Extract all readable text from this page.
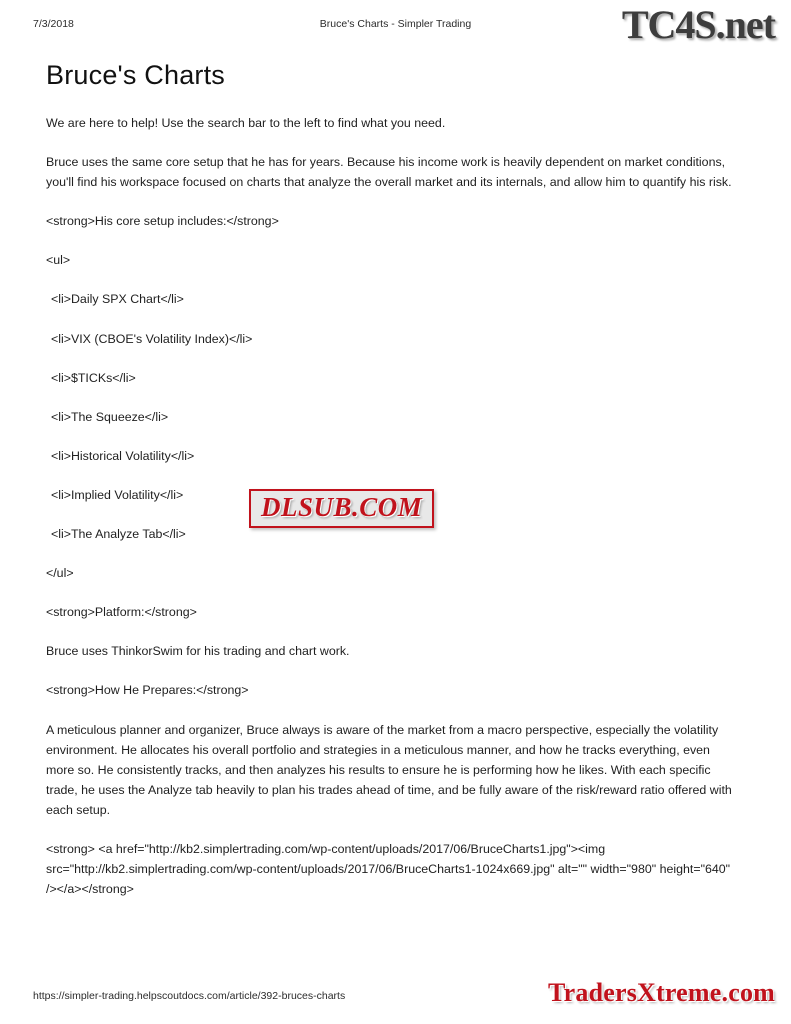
7/3/2018	Bruce's Charts - Simpler Trading	TC4S.net
Bruce's Charts

We are here to help! Use the search bar to the left to find what you need.

Bruce uses the same core setup that he has for years. Because his income work is heavily dependent on market conditions, you'll find his workspace focused on charts that analyze the overall market and its internals, and allow him to quantify his risk.

<strong>His core setup includes:</strong>

<ul>

<li>Daily SPX Chart</li>

<li>VIX (CBOE's Volatility Index)</li>

<li>$TICKs</li>

<li>The Squeeze</li>

<li>Historical Volatility</li>

<li>Implied Volatility</li>

<li>The Analyze Tab</li>

</ul>

<strong>Platform:</strong>

Bruce uses ThinkorSwim for his trading and chart work.

<strong>How He Prepares:</strong>

A meticulous planner and organizer, Bruce always is aware of the market from a macro perspective, especially the volatility environment. He allocates his overall portfolio and strategies in a meticulous manner, and how he tracks everything, even more so. He consistently tracks, and then analyzes his results to ensure he is performing how he likes. With each specific trade, he uses the Analyze tab heavily to plan his trades ahead of time, and be fully aware of the risk/reward ratio offered with each setup.

<strong> <a href="http://kb2.simplertrading.com/wp-content/uploads/2017/06/BruceCharts1.jpg"><img src="http://kb2.simplertrading.com/wp-content/uploads/2017/06/BruceCharts1-1024x669.jpg" alt="" width="980" height="640" /></a></strong>

DLSUB.COM
https://simpler-trading.helpscoutdocs.com/article/392-bruces-charts	TradersXtreme.com
